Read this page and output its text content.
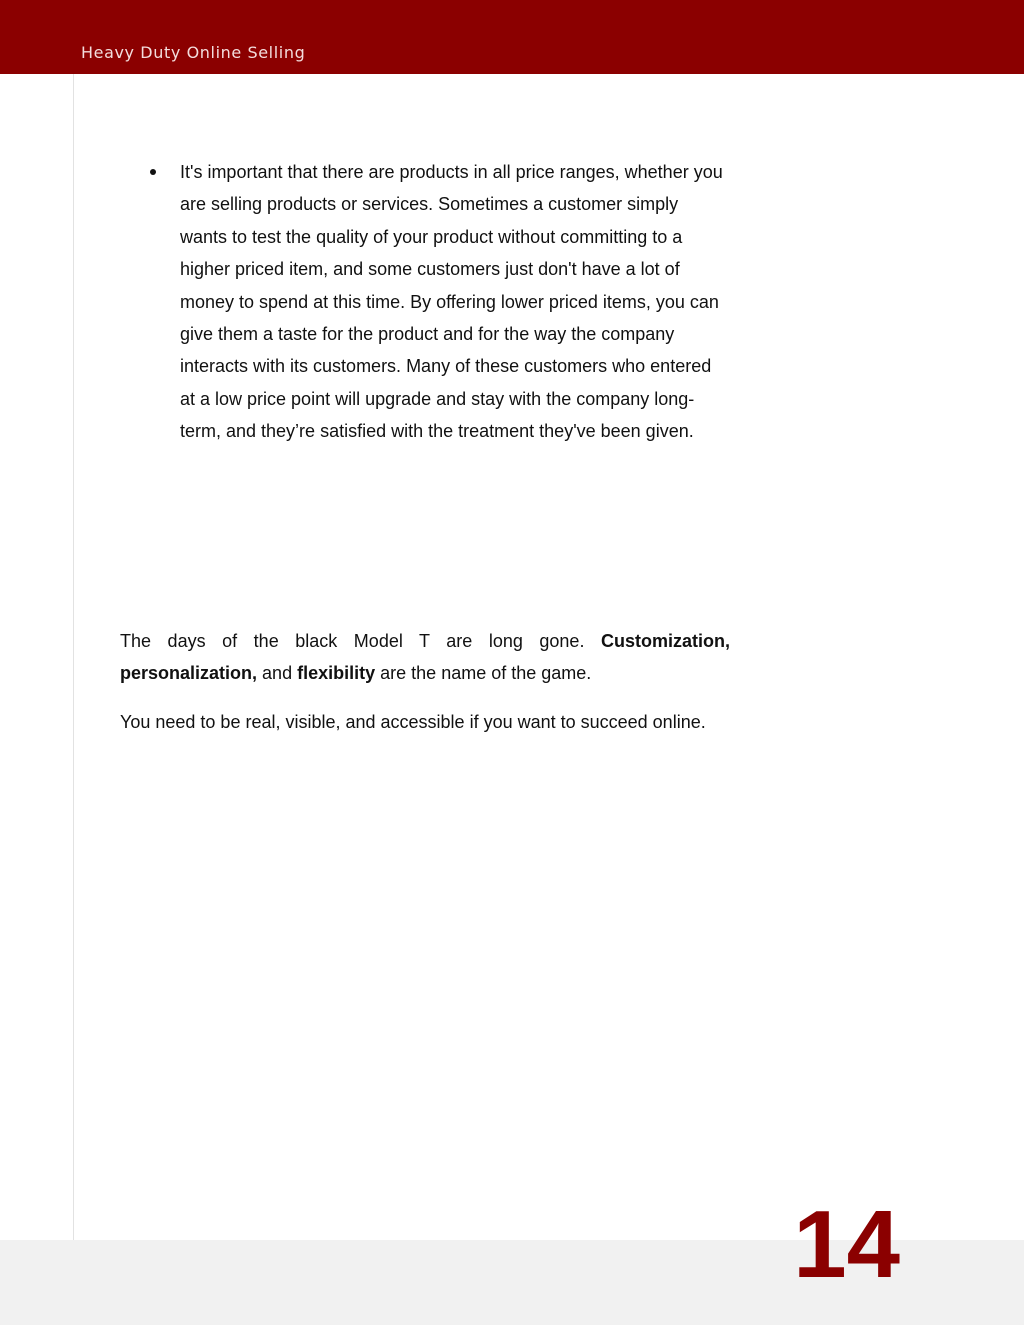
Heavy Duty Online Selling
It's important that there are products in all price ranges, whether you are selling products or services. Sometimes a customer simply wants to test the quality of your product without committing to a higher priced item, and some customers just don't have a lot of money to spend at this time. By offering lower priced items, you can give them a taste for the product and for the way the company interacts with its customers. Many of these customers who entered at a low price point will upgrade and stay with the company long-term, and they’re satisfied with the treatment they've been given.

The days of the black Model T are long gone. Customization, personalization, and flexibility are the name of the game.

You need to be real, visible, and accessible if you want to succeed online.

14
